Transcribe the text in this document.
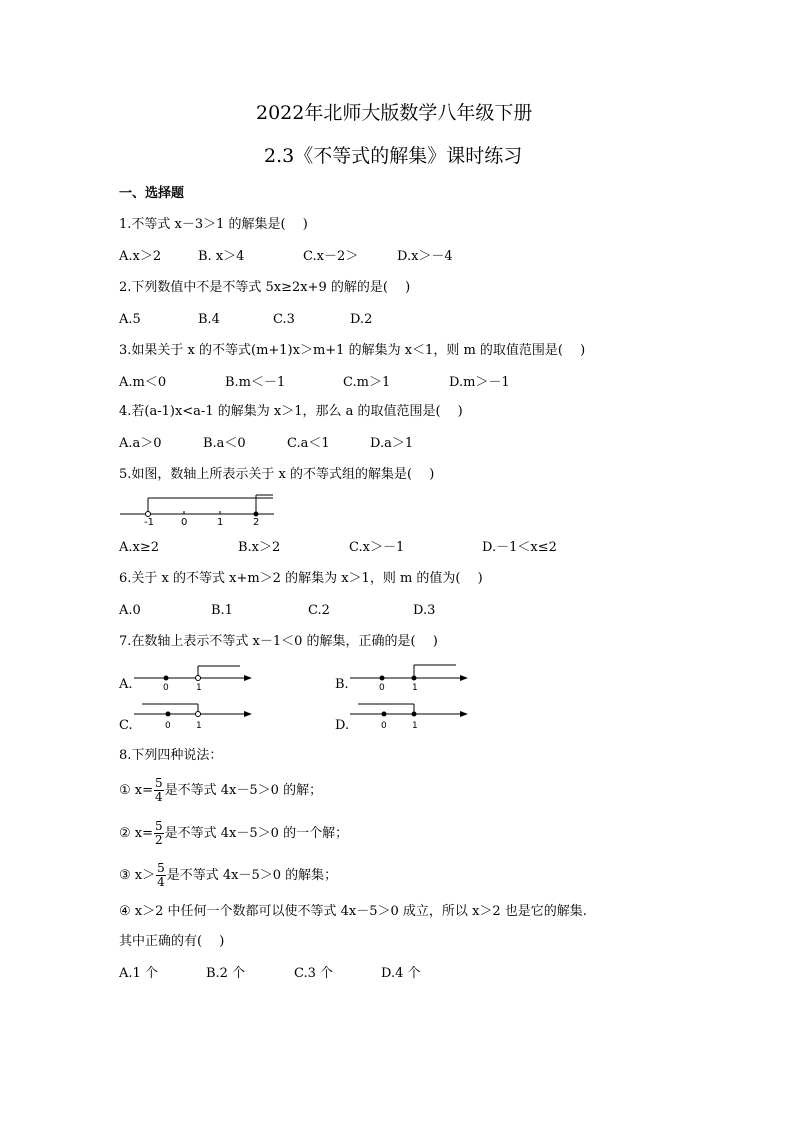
2022年北师大版数学八年级下册
2.3《不等式的解集》课时练习
一、选择题
1.不等式 x－3＞1 的解集是(　 )
A.x＞2	B. x＞4	C.x－2＞	D.x＞－4
2.下列数值中不是不等式 5x≥2x+9 的解的是(　 )
A.5	B.4	C.3	D.2
3.如果关于 x 的不等式(m+1)x＞m+1 的解集为 x＜1，则 m 的取值范围是(　 )
A.m＜0	B.m＜－1	C.m＞1	D.m＞－1
4.若(a-1)x<a-1 的解集为 x＞1，那么 a 的取值范围是(　 )
A.a＞0	B.a＜0	C.a＜1	D.a＞1
5.如图，数轴上所表示关于 x 的不等式组的解集是(　 )
-1	0	1	2
A.x≥2	B.x＞2	C.x＞－1	D.－1＜x≤2
6.关于 x 的不等式 x+m＞2 的解集为 x＞1，则 m 的值为(　 )
A.0	B.1	C.2	D.3
7.在数轴上表示不等式 x－1＜0 的解集，正确的是(　 )
A.	0	1	B.	0	1
C.	0	1	D.	0	1
8.下列四种说法：
① $x= \frac{5}{4}$ 是不等式 4x－5＞0 的解；
② $x= \frac{5}{2}$ 是不等式 4x－5＞0 的一个解；
③ $x> \frac{5}{4}$ 是不等式 4x－5＞0 的解集；
④ x＞2 中任何一个数都可以使不等式 4x－5＞0 成立，所以 x＞2 也是它的解集.
其中正确的有(　 )
A.1 个	B.2 个	C.3 个	D.4 个
